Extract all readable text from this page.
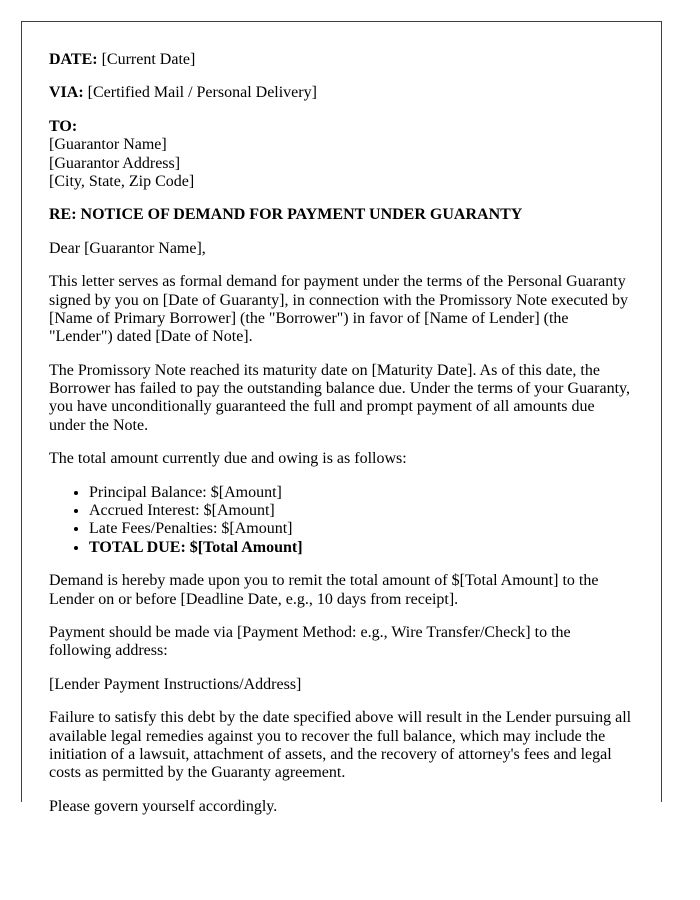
DATE: [Current Date]

VIA: [Certified Mail / Personal Delivery]

TO:
[Guarantor Name]
[Guarantor Address]
[City, State, Zip Code]

RE: NOTICE OF DEMAND FOR PAYMENT UNDER GUARANTY

Dear [Guarantor Name],

This letter serves as formal demand for payment under the terms of the Personal Guaranty signed by you on [Date of Guaranty], in connection with the Promissory Note executed by [Name of Primary Borrower] (the "Borrower") in favor of [Name of Lender] (the "Lender") dated [Date of Note].

The Promissory Note reached its maturity date on [Maturity Date]. As of this date, the Borrower has failed to pay the outstanding balance due. Under the terms of your Guaranty, you have unconditionally guaranteed the full and prompt payment of all amounts due under the Note.

The total amount currently due and owing is as follows:

• Principal Balance: $[Amount]
• Accrued Interest: $[Amount]
• Late Fees/Penalties: $[Amount]
• TOTAL DUE: $[Total Amount]

Demand is hereby made upon you to remit the total amount of $[Total Amount] to the Lender on or before [Deadline Date, e.g., 10 days from receipt].

Payment should be made via [Payment Method: e.g., Wire Transfer/Check] to the following address:

[Lender Payment Instructions/Address]

Failure to satisfy this debt by the date specified above will result in the Lender pursuing all available legal remedies against you to recover the full balance, which may include the initiation of a lawsuit, attachment of assets, and the recovery of attorney's fees and legal costs as permitted by the Guaranty agreement.

Please govern yourself accordingly.
